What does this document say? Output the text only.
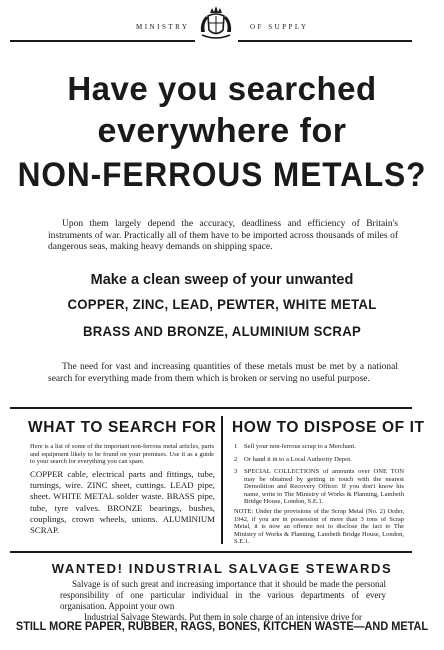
MINISTRY	OF SUPPLY
Have you searched
everywhere for
NON-FERROUS METALS?
Upon them largely depend the accuracy, deadliness and efficiency of Britain's instruments of war. Practically all of them have to be imported across thousands of miles of dangerous seas, making heavy demands on shipping space.
Make a clean sweep of your unwanted
COPPER, ZINC, LEAD, PEWTER, WHITE METAL
BRASS AND BRONZE, ALUMINIUM SCRAP
The need for vast and increasing quantities of these metals must be met by a national search for everything made from them which is broken or serving no useful purpose.
WHAT TO SEARCH FOR
Here is a list of some of the important non-ferrous metal articles, parts and equipment likely to be found on your premises. Use it as a guide to your search for everything you can spare.
COPPER cable, electrical parts and fittings, tube, turnings, wire. ZINC sheet, cuttings. LEAD pipe, sheet. WHITE METAL solder waste. BRASS pipe, tube, tyre valves. BRONZE bearings, bushes, couplings, crown wheels, unions. ALUMINIUM SCRAP.
HOW TO DISPOSE OF IT
1 Sell your non-ferrous scrap to a Merchant.
2 Or hand it in to a Local Authority Depot.
3 SPECIAL COLLECTIONS of amounts over ONE TON may be obtained by getting in touch with the nearest Demolition and Recovery Officer. If you don't know his name, write to The Ministry of Works & Planning, Lambeth Bridge House, London, S.E.1.
NOTE: Under the provisions of the Scrap Metal (No. 2) Order, 1942, if you are in possession of more than 3 tons of Scrap Metal, it is now an offence not to disclose the fact to The Ministry of Works & Planning, Lambeth Bridge House, London, S.E.1.
WANTED! INDUSTRIAL SALVAGE STEWARDS
Salvage is of such great and increasing importance that it should be made the personal responsibility of one particular individual in the various departments of every organisation. Appoint your own
Industrial Salvage Stewards. Put them in sole charge of an intensive drive for
STILL MORE PAPER, RUBBER, RAGS, BONES, KITCHEN WASTE—AND METAL
